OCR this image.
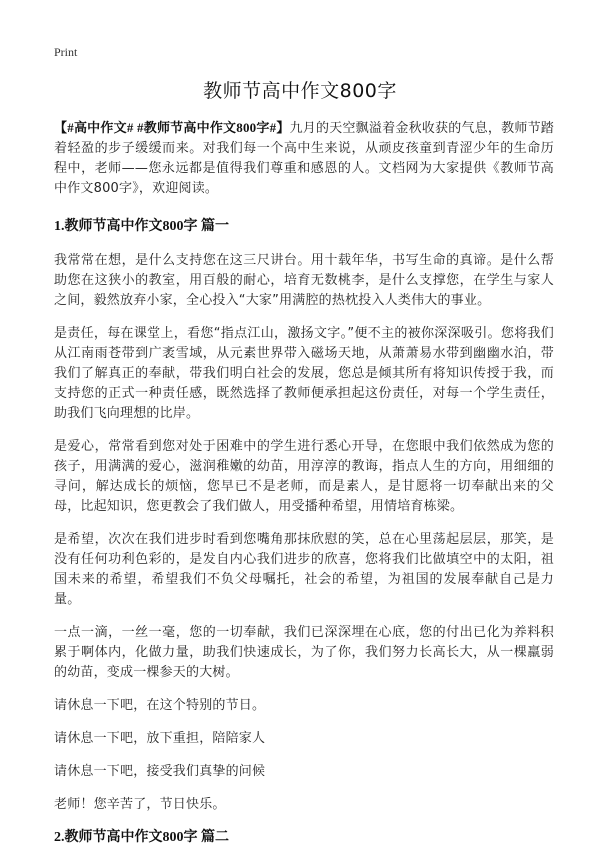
Print
教师节高中作文800字

【#高中作文# #教师节高中作文800字#】九月的天空飘溢着金秋收获的气息，教师节踏着轻盈的步子缓缓而来。对我们每一个高中生来说，从顽皮孩童到青涩少年的生命历程中，老师——您永远都是值得我们尊重和感恩的人。文档网为大家提供《教师节高中作文800字》，欢迎阅读。

1.教师节高中作文800字 篇一

我常常在想，是什么支持您在这三尺讲台。用十载年华，书写生命的真谛。是什么帮助您在这狭小的教室，用百般的耐心，培育无数桃李，是什么支撑您，在学生与家人之间，毅然放弃小家，全心投入“大家”用满腔的热枕投入人类伟大的事业。

是责任，每在课堂上，看您“指点江山，激扬文字。”便不主的被你深深吸引。您将我们从江南雨苍带到广袤雪域，从元素世界带入磁场天地，从萧萧易水带到幽幽水泊，带我们了解真正的奉献，带我们明白社会的发展，您总是倾其所有将知识传授于我，而支持您的正式一种责任感，既然选择了教师便承担起这份责任，对每一个学生责任，助我们飞向理想的比岸。

是爱心，常常看到您对处于困难中的学生进行悉心开导，在您眼中我们依然成为您的孩子，用满满的爱心，滋润稚嫩的幼苗，用淳淳的教诲，指点人生的方向，用细细的寻问，解达成长的烦恼，您早已不是老师，而是素人，是甘愿将一切奉献出来的父母，比起知识，您更教会了我们做人，用受播种希望，用情培育栋梁。

是希望，次次在我们进步时看到您嘴角那抹欣慰的笑，总在心里荡起层层，那笑，是没有任何功利色彩的，是发自内心我们进步的欣喜，您将我们比做填空中的太阳，祖国未来的希望，希望我们不负父母嘱托，社会的希望，为祖国的发展奉献自己是力量。

一点一滴，一丝一毫，您的一切奉献，我们已深深埋在心底，您的付出已化为养料积累于啊体内，化做力量，助我们快速成长，为了你，我们努力长高长大，从一棵羸弱的幼苗，变成一棵参天的大树。

请休息一下吧，在这个特别的节日。

请休息一下吧，放下重担，陪陪家人

请休息一下吧，接受我们真挚的问候

老师！您辛苦了，节日快乐。

2.教师节高中作文800字 篇二
